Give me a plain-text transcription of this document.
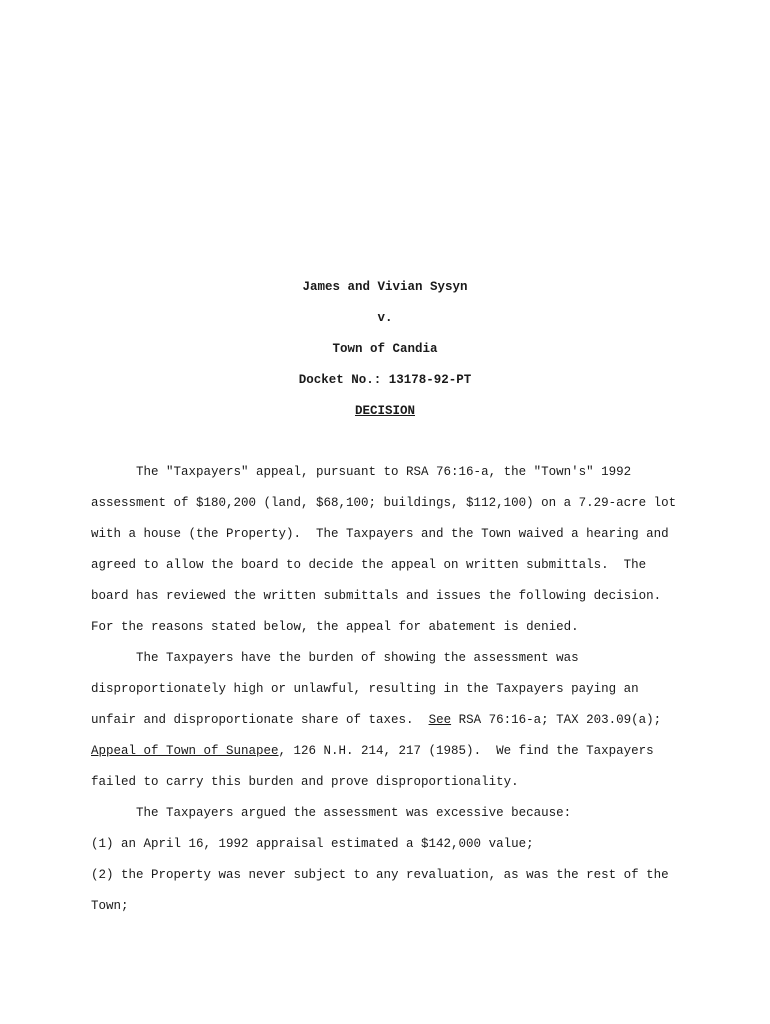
James and Vivian Sysyn
v.
Town of Candia
Docket No.: 13178-92-PT
DECISION
The "Taxpayers" appeal, pursuant to RSA 76:16-a, the "Town's" 1992
assessment of $180,200 (land, $68,100; buildings, $112,100) on a 7.29-acre lot
with a house (the Property).  The Taxpayers and the Town waived a hearing and
agreed to allow the board to decide the appeal on written submittals.  The
board has reviewed the written submittals and issues the following decision.
For the reasons stated below, the appeal for abatement is denied.
The Taxpayers have the burden of showing the assessment was
disproportionately high or unlawful, resulting in the Taxpayers paying an
unfair and disproportionate share of taxes.  See RSA 76:16-a; TAX 203.09(a);
Appeal of Town of Sunapee, 126 N.H. 214, 217 (1985).  We find the Taxpayers
failed to carry this burden and prove disproportionality.
The Taxpayers argued the assessment was excessive because:
(1) an April 16, 1992 appraisal estimated a $142,000 value;
(2) the Property was never subject to any revaluation, as was the rest of the
Town;
